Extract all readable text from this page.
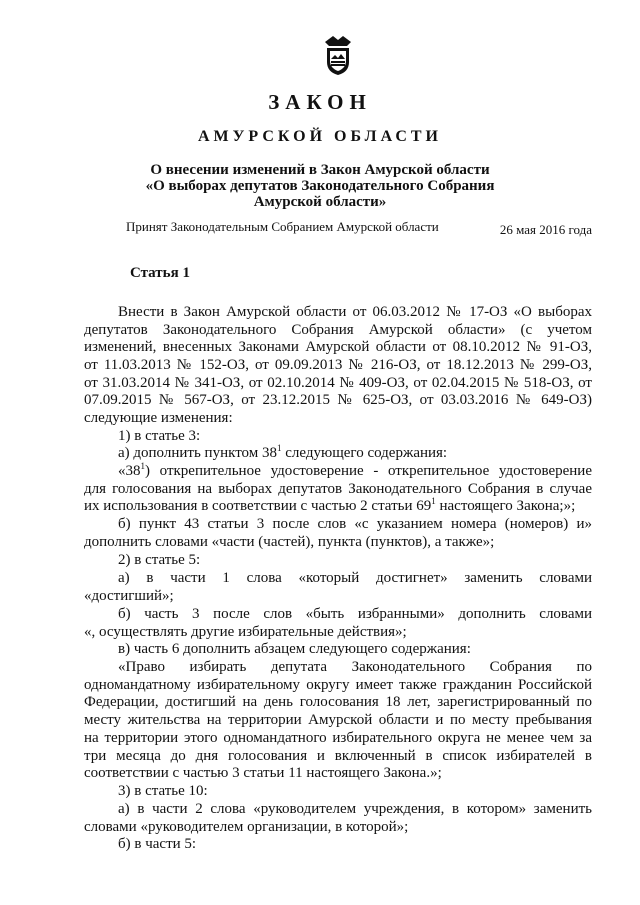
ЗАКОН
АМУРСКОЙ ОБЛАСТИ
О внесении изменений в Закон Амурской области
«О выборах депутатов Законодательного Собрания
Амурской области»
Принят Законодательным Собранием Амурской области	26 мая 2016 года
Статья 1
Внести в Закон Амурской области от 06.03.2012 № 17-ОЗ «О выборах
депутатов Законодательного Собрания Амурской области» (с учетом
изменений, внесенных Законами Амурской области от 08.10.2012 № 91-ОЗ,
от 11.03.2013 № 152-ОЗ, от 09.09.2013 № 216-ОЗ, от 18.12.2013 № 299-ОЗ,
от 31.03.2014 № 341-ОЗ, от 02.10.2014 № 409-ОЗ, от 02.04.2015 № 518-ОЗ, от
07.09.2015 № 567-ОЗ, от 23.12.2015 № 625-ОЗ, от 03.03.2016 № 649-ОЗ)
следующие изменения:
1) в статье 3:
а) дополнить пунктом $38^1$ следующего содержания:
«$38^1$) открепительное удостоверение - открепительное удостоверение
для голосования на выборах депутатов Законодательного Собрания в случае
их использования в соответствии с частью 2 статьи $69^1$ настоящего Закона;»;
б) пункт 43 статьи 3 после слов «с указанием номера (номеров) и»
дополнить словами «части (частей), пункта (пунктов), а также»;
2) в статье 5:
а) в части 1 слова «который достигнет» заменить словами
«достигший»;
б) часть 3 после слов «быть избранными» дополнить словами
«, осуществлять другие избирательные действия»;
в) часть 6 дополнить абзацем следующего содержания:
«Право избирать депутата Законодательного Собрания по
одномандатному избирательному округу имеет также гражданин Российской
Федерации, достигший на день голосования 18 лет, зарегистрированный по
месту жительства на территории Амурской области и по месту пребывания
на территории этого одномандатного избирательного округа не менее чем за
три месяца до дня голосования и включенный в список избирателей в
соответствии с частью 3 статьи 11 настоящего Закона.»;
3) в статье 10:
а) в части 2 слова «руководителем учреждения, в котором» заменить
словами «руководителем организации, в которой»;
б) в части 5:
